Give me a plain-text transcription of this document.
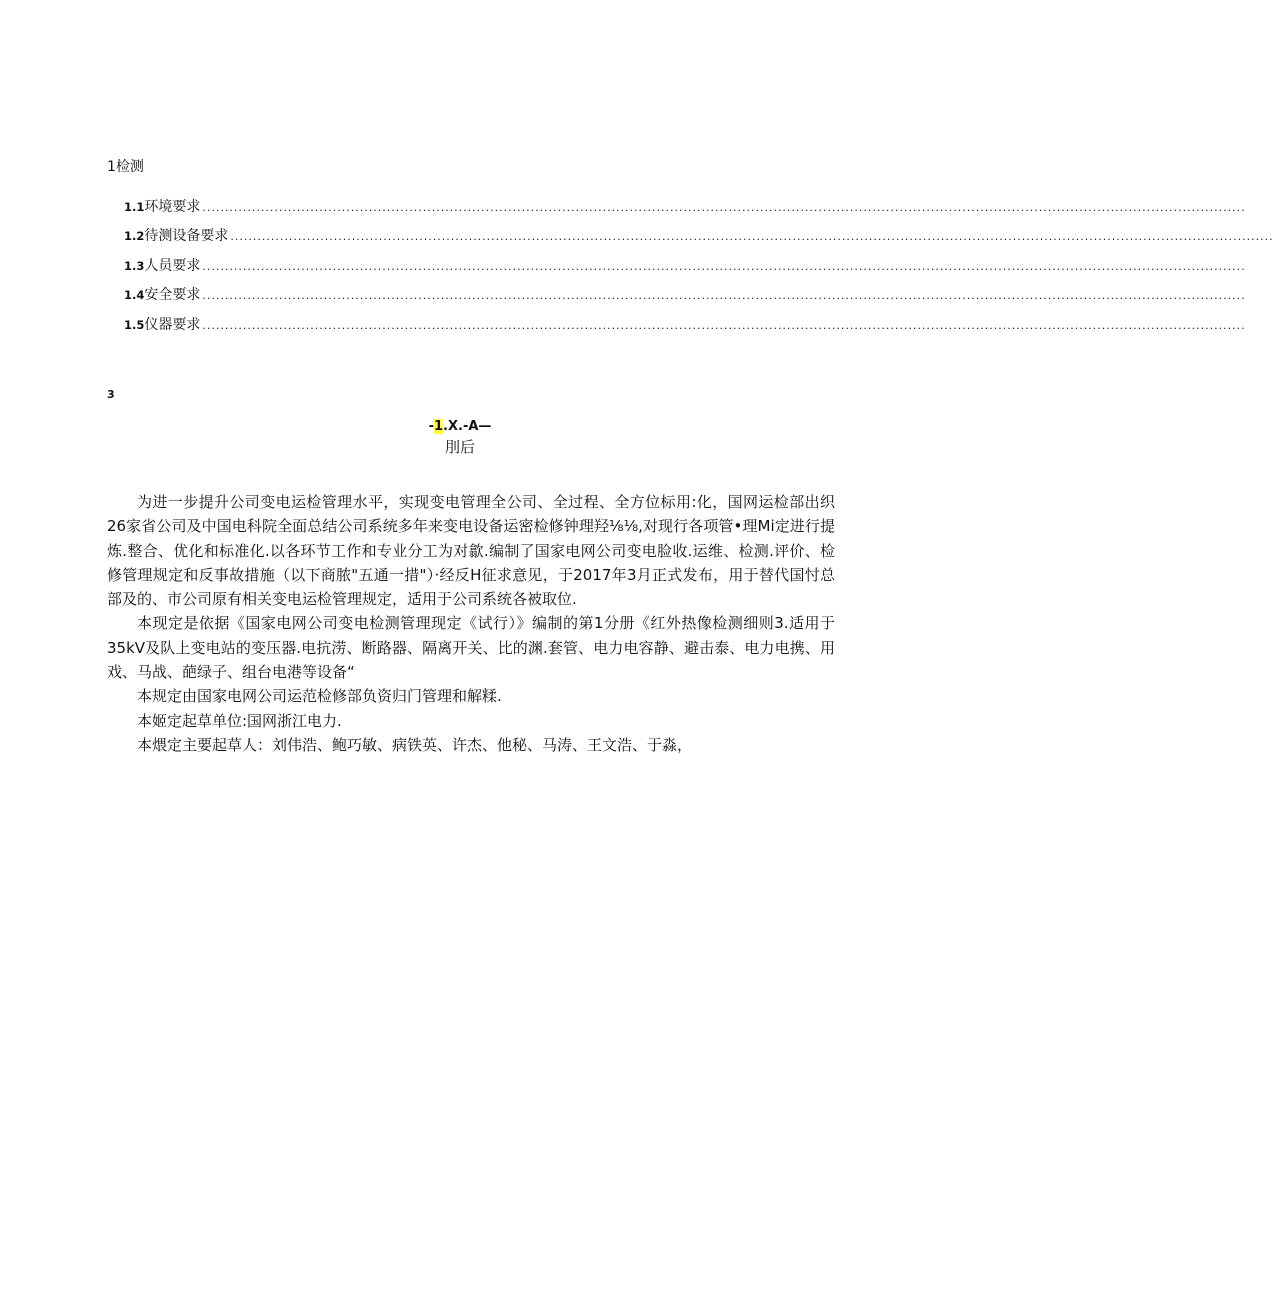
1检测
1.1 环境要求 ........................................................................................................................................................................................................................................
1.2 待测设备要求 ........................................................................................................................................................................................................................................
1.3 人员要求 ........................................................................................................................................................................................................................................
1.4 安全要求 ........................................................................................................................................................................................................................................
1.5 仪器要求 ........................................................................................................................................................................................................................................
3
-1.X.-A—
刖后

为进一步提升公司变电运检管理水平，实现变电管理全公司、全过程、全方位标用:化，国网运检部出织26家省公司及中国电科院全面总结公司系统多年来变电设备运密检修钟理羟⅛⅛,对现行各项管•理Mi定进行提炼.整合、优化和标准化.以各环节工作和专业分工为对歙.编制了国家电网公司变电脸收.运维、检测.评价、检修管理规定和反事故措施（以下商脓"五通一措"）·经反H征求意见，于2017年3月正式发布，用于替代国忖总部及的、市公司原有相关变电运检管理规定，适用于公司系统各被取位.

本现定是依据《国家电网公司变电检测管理现定《试行）》编制的第1分册《红外热像检测细则3.适用于35kV及队上变电站的变压器.电抗涝、断路器、隔离开关、比的渊.套管、电力电容静、避击泰、电力电携、用戏、马战、葩绿子、组台电港等设备“

本规定由国家电网公司运范检修部负资归门管理和解糅.

本姬定起草单位:国网浙江电力.

本煨定主要起草人：刘伟浩、鲍巧敏、病铁英、许杰、他秘、马涛、王文浩、于淼，
